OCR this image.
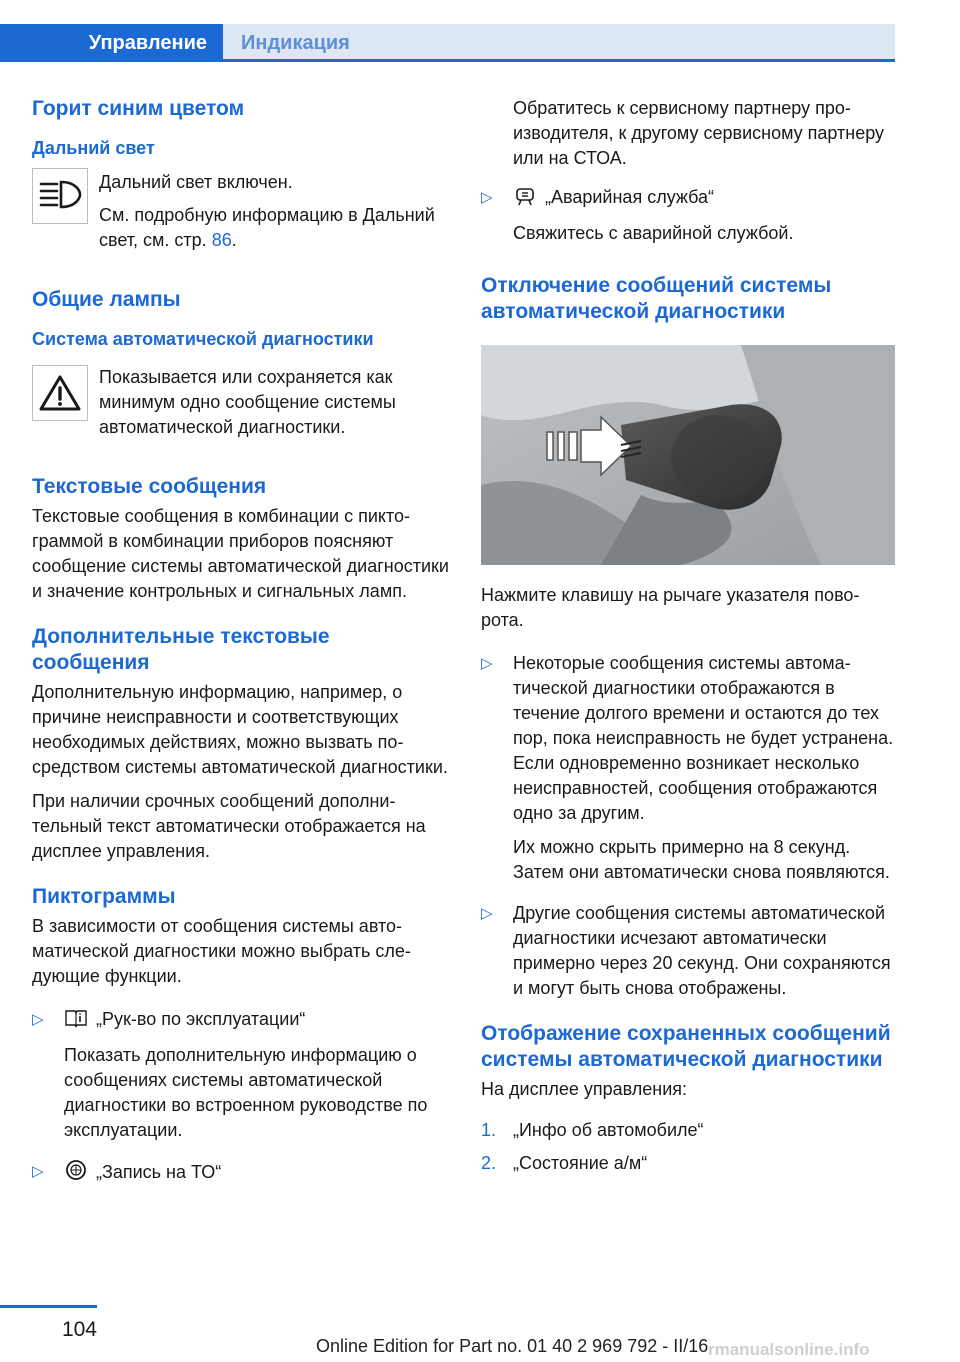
Управление	Индикация
Горит синим цветом
Дальний свет

Дальний свет включен.

См. подробную информацию в Дальний свет, см. стр. 86.

Общие лампы
Система автоматической диагностики

Показывается или сохраняется как минимум одно сообщение системы автоматической диагностики.

Текстовые сообщения

Текстовые сообщения в комбинации с пиктограммой в комбинации приборов поясняют сообщение системы автоматической диагностики и значение контрольных и сигнальных ламп.

Дополнительные текстовые сообщения

Дополнительную информацию, например, о причине неисправности и соответствующих необходимых действиях, можно вызвать посредством системы автоматической диагностики.

При наличии срочных сообщений дополнительный текст автоматически отображается на дисплее управления.

Пиктограммы

В зависимости от сообщения системы автоматической диагностики можно выбрать следующие функции.

▷	„Рук-во по эксплуатации“

Показать дополнительную информацию о сообщениях системы автоматической диагностики во встроенном руководстве по эксплуатации.

▷	„Запись на ТО“

Обратитесь к сервисному партнеру производителя, к другому сервисному партнеру или на СТОА.

▷	„Аварийная служба“

Свяжитесь с аварийной службой.

Отключение сообщений системы автоматической диагностики

Нажмите клавишу на рычаге указателя поворота.

▷	Некоторые сообщения системы автоматической диагностики отображаются в течение долгого времени и остаются до тех пор, пока неисправность не будет устранена. Если одновременно возникает несколько неисправностей, сообщения отображаются одно за другим.

Их можно скрыть примерно на 8 секунд. Затем они автоматически снова появляются.

▷	Другие сообщения системы автоматической диагностики исчезают автоматически примерно через 20 секунд. Они сохраняются и могут быть снова отображены.

Отображение сохраненных сообщений системы автоматической диагностики

На дисплее управления:

1. „Инфо об автомобиле“

2. „Состояние а/м“

104
Online Edition for Part no. 01 40 2 969 792 - II/16 rmanualsonline.info
